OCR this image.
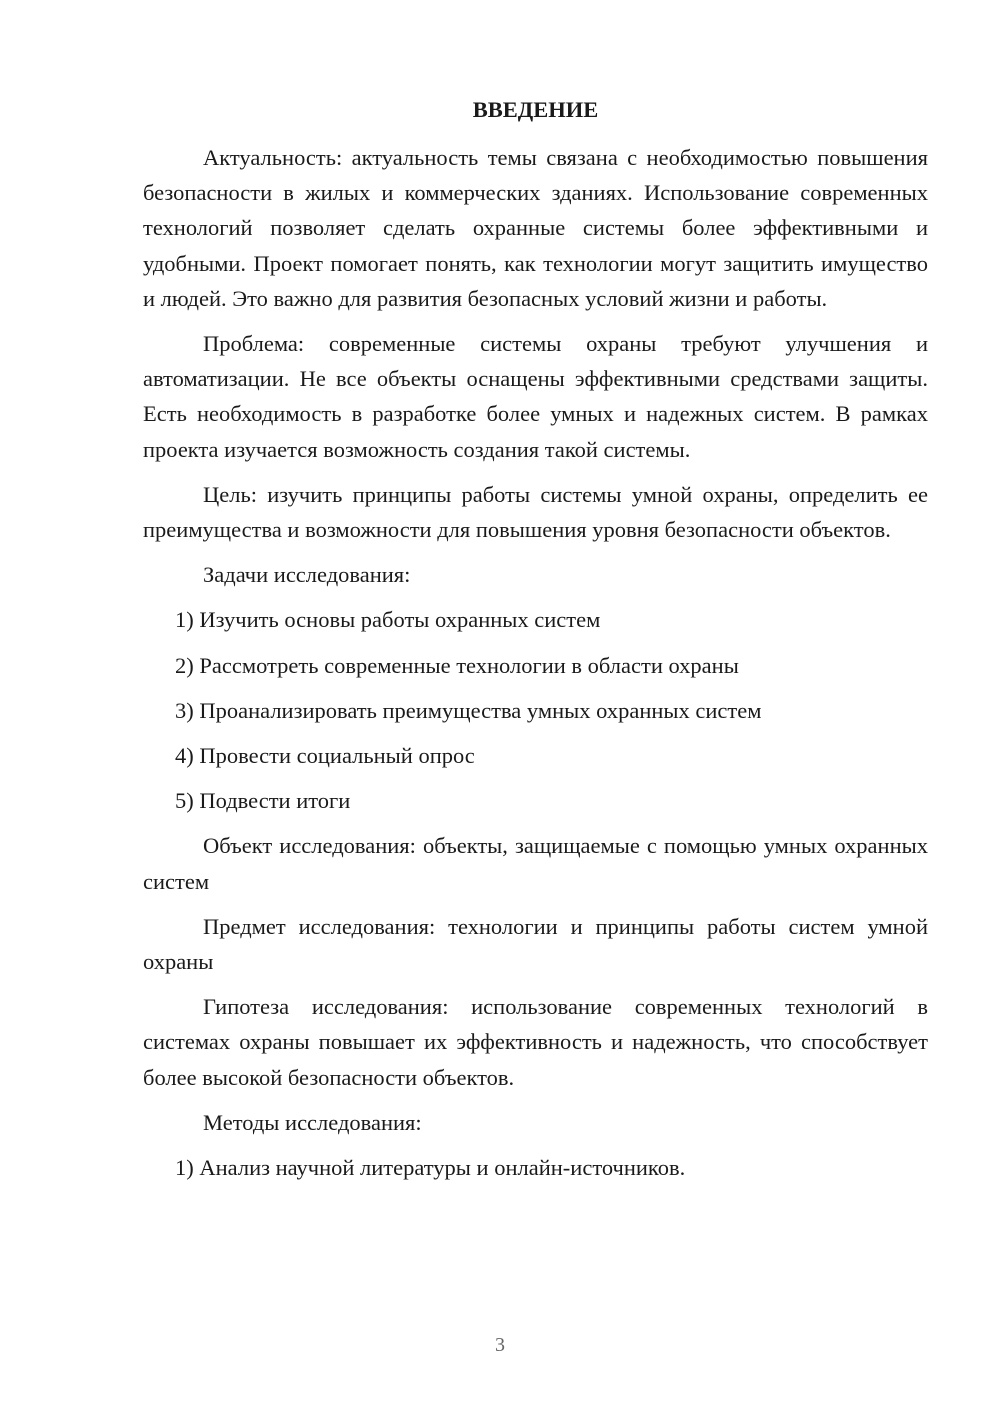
ВВЕДЕНИЕ

Актуальность: актуальность темы связана с необходимостью повышения безопасности в жилых и коммерческих зданиях. Использование современных технологий позволяет сделать охранные системы более эффективными и удобными. Проект помогает понять, как технологии могут защитить имущество и людей. Это важно для развития безопасных условий жизни и работы.

Проблема: современные системы охраны требуют улучшения и автоматизации. Не все объекты оснащены эффективными средствами защиты. Есть необходимость в разработке более умных и надежных систем. В рамках проекта изучается возможность создания такой системы.

Цель: изучить принципы работы системы умной охраны, определить ее преимущества и возможности для повышения уровня безопасности объектов.

Задачи исследования:

1) Изучить основы работы охранных систем

2) Рассмотреть современные технологии в области охраны

3) Проанализировать преимущества умных охранных систем

4) Провести социальный опрос

5) Подвести итоги

Объект исследования: объекты, защищаемые с помощью умных охранных систем

Предмет исследования: технологии и принципы работы систем умной охраны

Гипотеза исследования: использование современных технологий в системах охраны повышает их эффективность и надежность, что способствует более высокой безопасности объектов.

Методы исследования:

1) Анализ научной литературы и онлайн-источников.

3
